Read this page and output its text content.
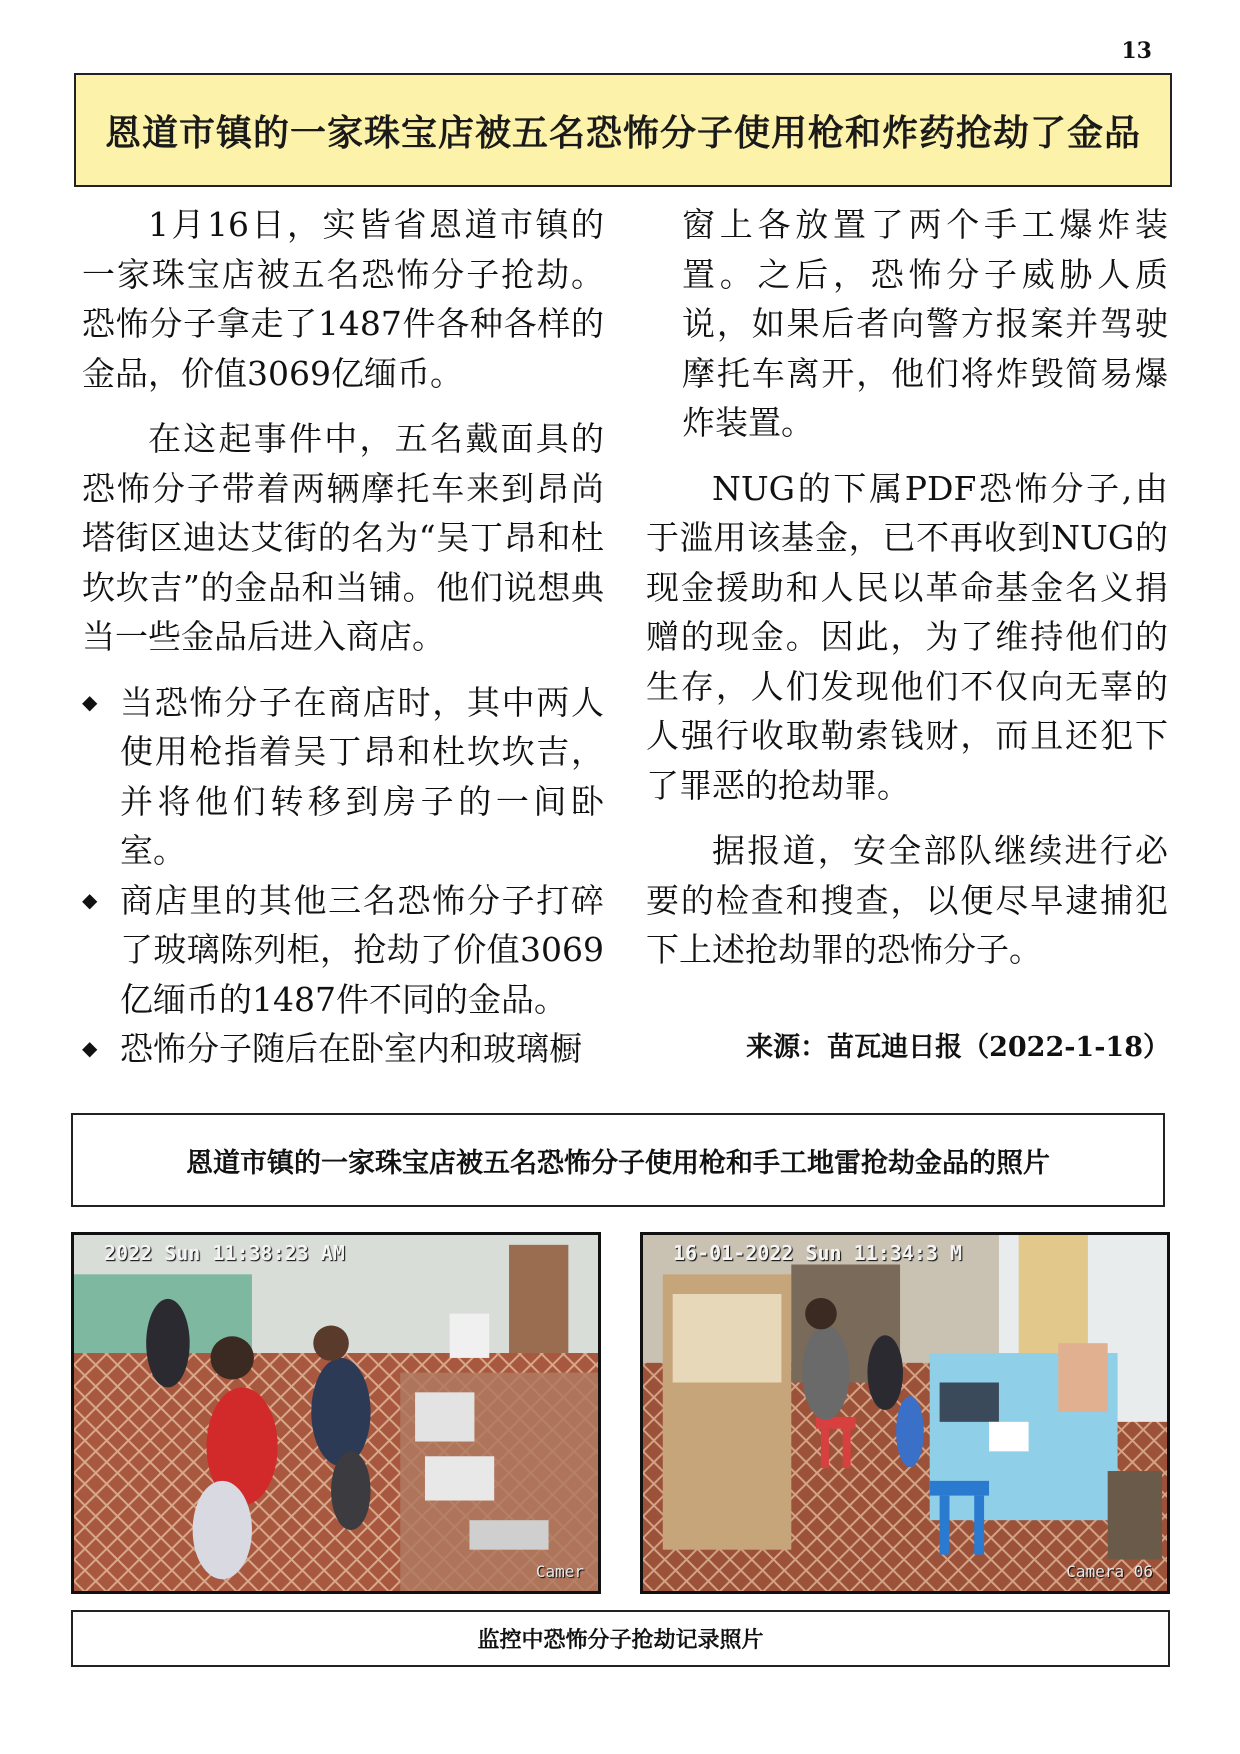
13
恩道市镇的一家珠宝店被五名恐怖分子使用枪和炸药抢劫了金品

1月16日，实皆省恩道市镇的一家珠宝店被五名恐怖分子抢劫。恐怖分子拿走了1487件各种各样的金品，价值3069亿缅币。

在这起事件中，五名戴面具的恐怖分子带着两辆摩托车来到昂尚塔街区迪达艾街的名为“吴丁昂和杜坎坎吉”的金品和当铺。他们说想典当一些金品后进入商店。

◆ 当恐怖分子在商店时，其中两人使用枪指着吴丁昂和杜坎坎吉，并将他们转移到房子的一间卧室。
◆ 商店里的其他三名恐怖分子打碎了玻璃陈列柜，抢劫了价值3069亿缅币的1487件不同的金品。
◆ 恐怖分子随后在卧室内和玻璃橱

窗上各放置了两个手工爆炸装置。之后，恐怖分子威胁人质说，如果后者向警方报案并驾驶摩托车离开，他们将炸毁简易爆炸装置。

NUG的下属PDF恐怖分子,由于滥用该基金，已不再收到NUG的现金援助和人民以革命基金名义捐赠的现金。因此，为了维持他们的生存，人们发现他们不仅向无辜的人强行收取勒索钱财，而且还犯下了罪恶的抢劫罪。

据报道，安全部队继续进行必要的检查和搜查，以便尽早逮捕犯下上述抢劫罪的恐怖分子。

来源：苗瓦迪日报（2022-1-18）
恩道市镇的一家珠宝店被五名恐怖分子使用枪和手工地雷抢劫金品的照片
2022 Sun 11:38:23 AM
Camer
16-01-2022 Sun 11:34:3 M
Camera 06
监控中恐怖分子抢劫记录照片
